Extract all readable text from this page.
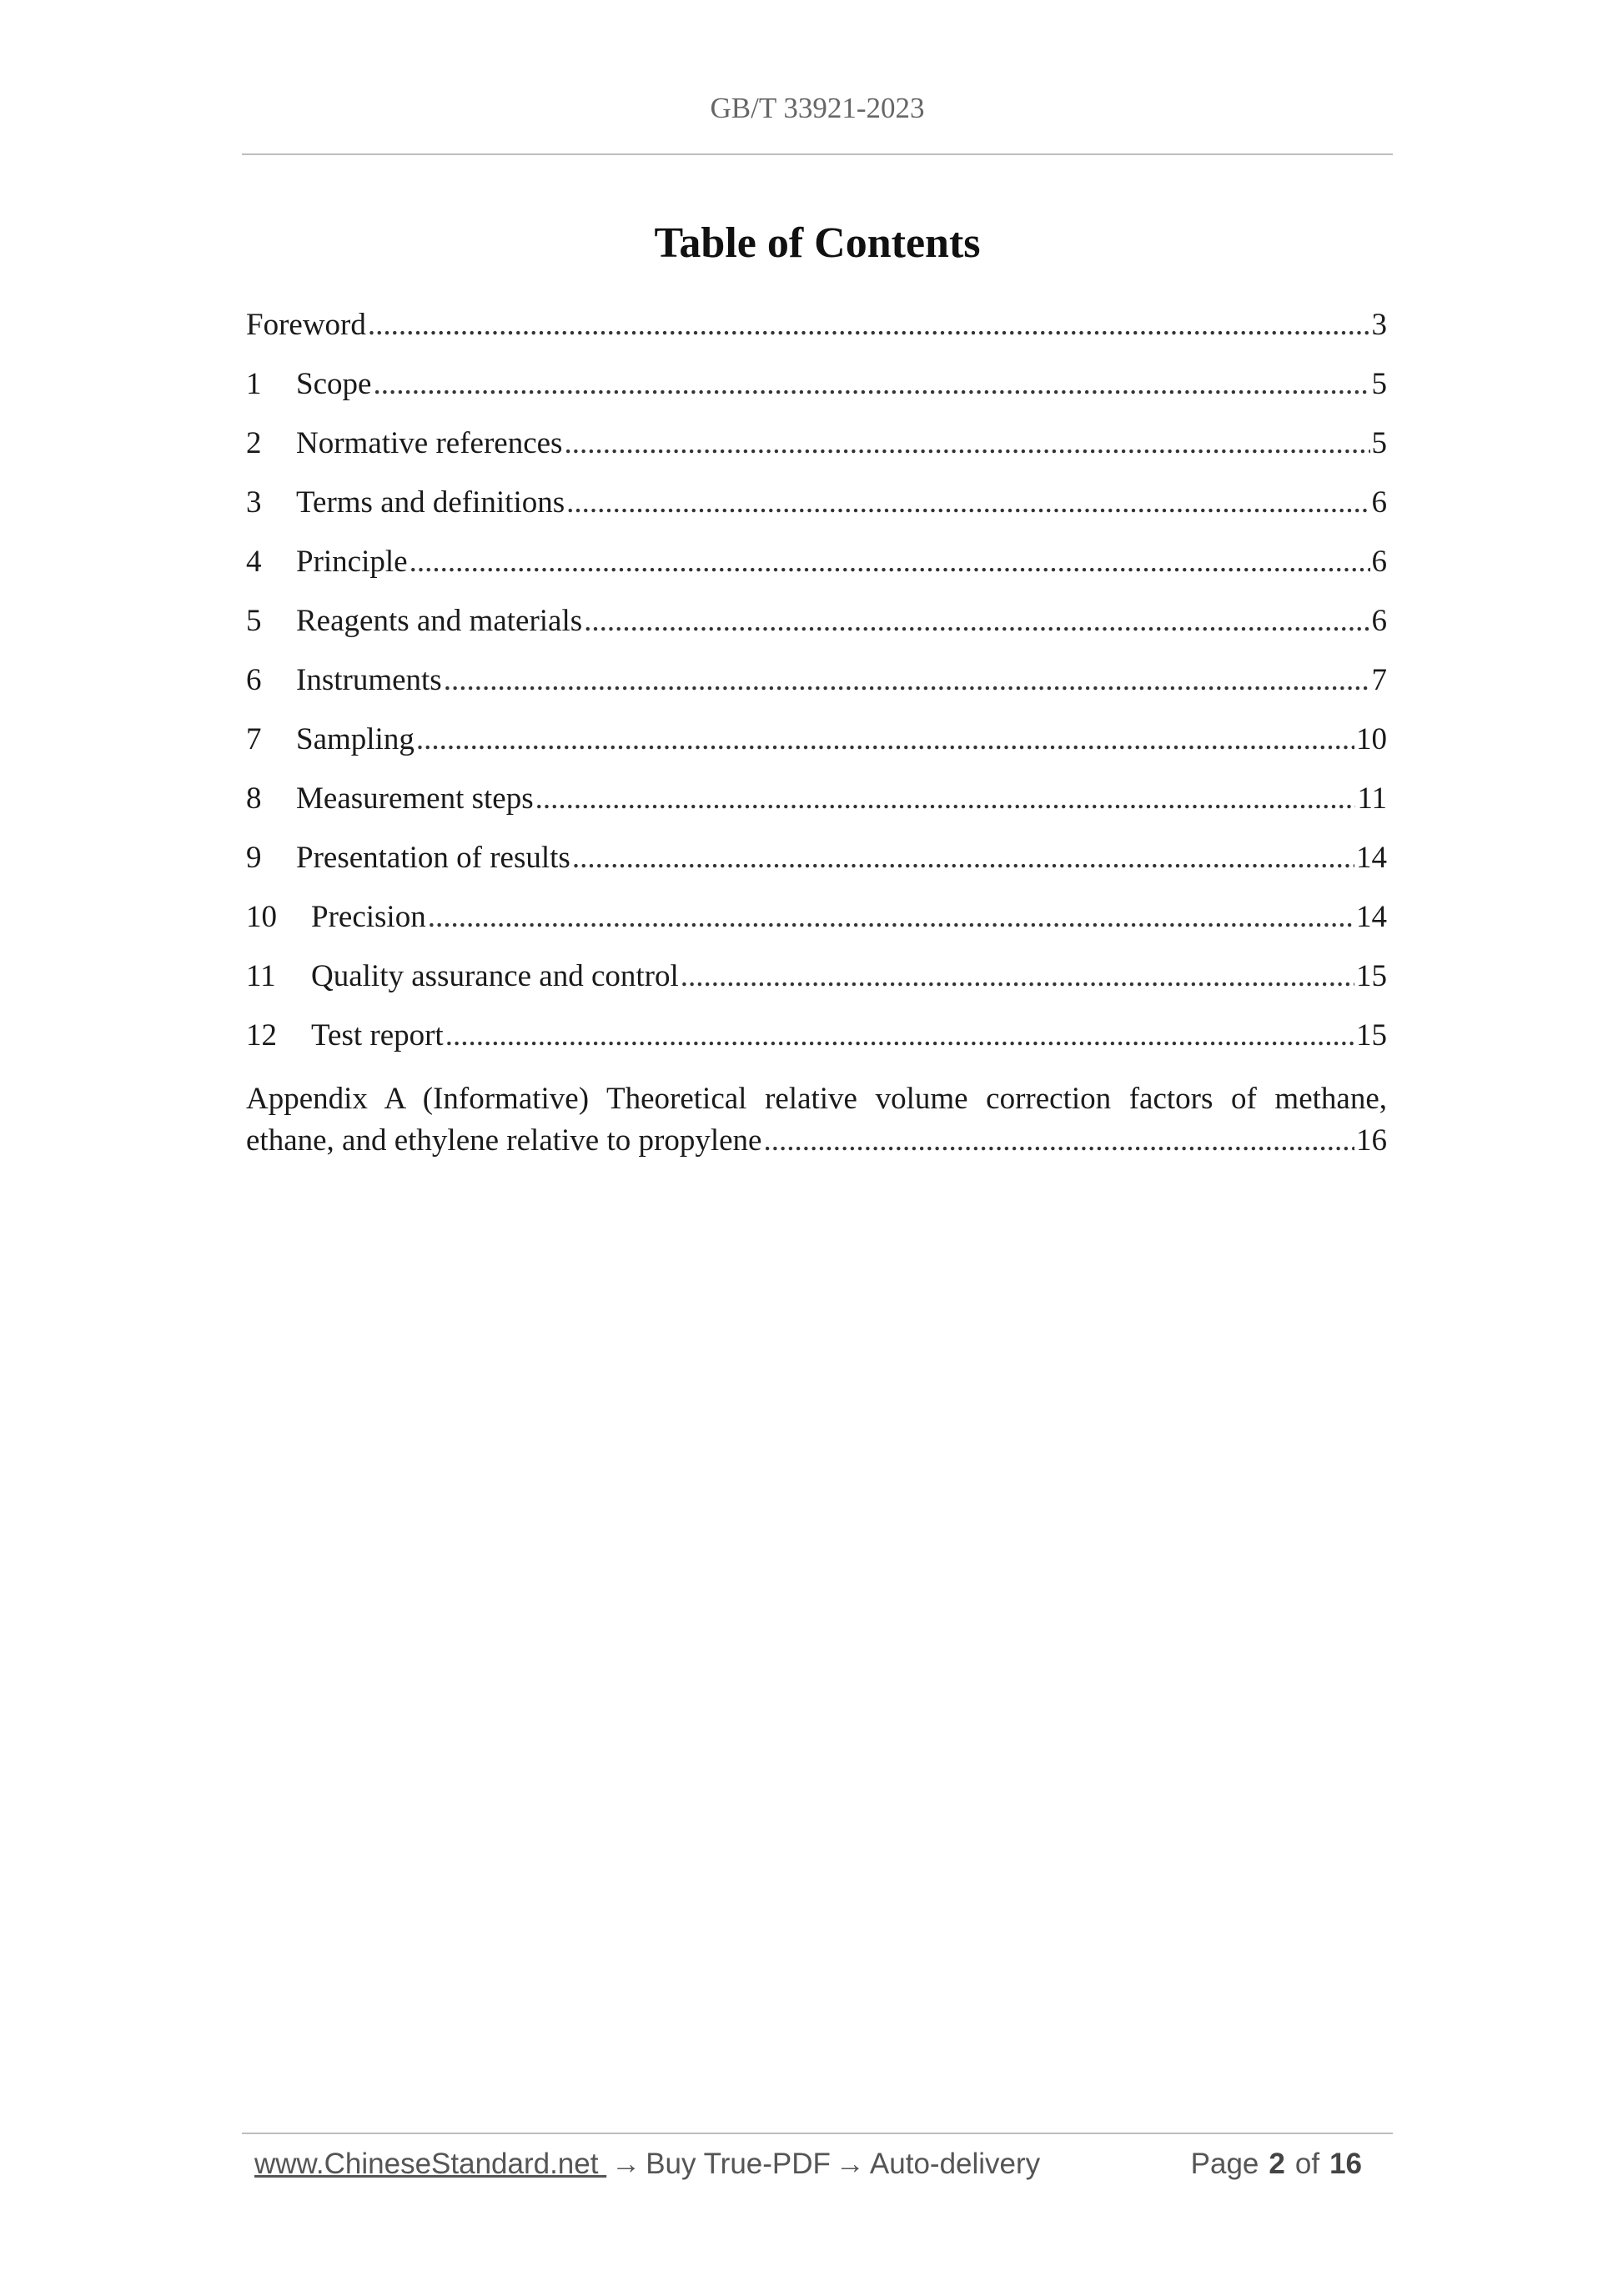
GB/T 33921-2023
Table of Contents
Foreword .....	3
1	Scope .....	5
2	Normative references .....	5
3	Terms and definitions .....	6
4	Principle .....	6
5	Reagents and materials .....	6
6	Instruments .....	7
7	Sampling .....	10
8	Measurement steps .....	11
9	Presentation of results .....	14
10	Precision .....	14
11	Quality assurance and control .....	15
12	Test report .....	15
Appendix A (Informative) Theoretical relative volume correction factors of methane,
ethane, and ethylene relative to propylene .....	16
www.ChineseStandard.net → Buy True-PDF → Auto-delivery	Page 2 of 16
